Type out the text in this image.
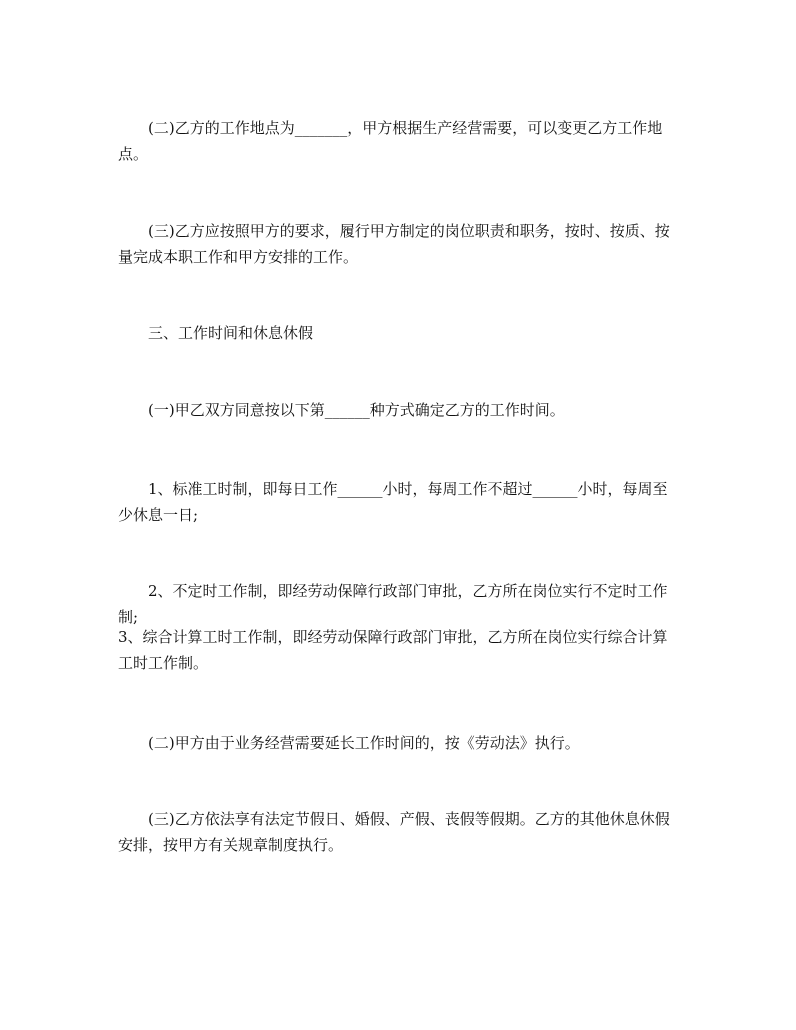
(二)乙方的工作地点为_______，甲方根据生产经营需要，可以变更乙方工作地点。

(三)乙方应按照甲方的要求，履行甲方制定的岗位职责和职务，按时、按质、按量完成本职工作和甲方安排的工作。

三、工作时间和休息休假

(一)甲乙双方同意按以下第______种方式确定乙方的工作时间。

1、标准工时制，即每日工作______小时，每周工作不超过______小时，每周至少休息一日;

2、不定时工作制，即经劳动保障行政部门审批，乙方所在岗位实行不定时工作制;

3、综合计算工时工作制，即经劳动保障行政部门审批，乙方所在岗位实行综合计算工时工作制。

(二)甲方由于业务经营需要延长工作时间的，按《劳动法》执行。

(三)乙方依法享有法定节假日、婚假、产假、丧假等假期。乙方的其他休息休假安排，按甲方有关规章制度执行。
